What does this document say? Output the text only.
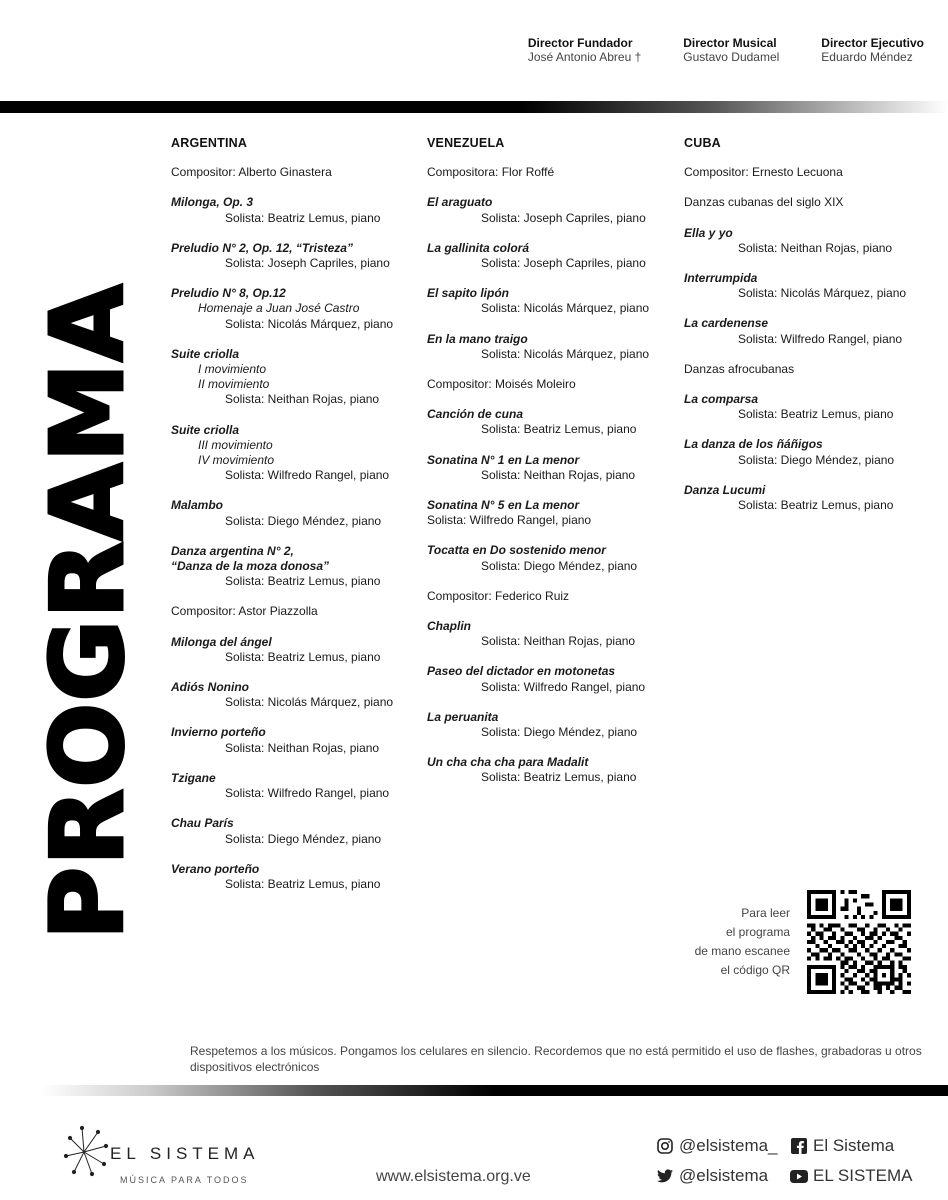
Director Fundador
José Antonio Abreu †
Director Musical
Gustavo Dudamel
Director Ejecutivo
Eduardo Méndez
PROGRAMA
ARGENTINA
Compositor: Alberto Ginastera
Milonga, Op. 3
Solista: Beatriz Lemus, piano
Preludio N° 2, Op. 12, “Tristeza”
Solista: Joseph Capriles, piano
Preludio N° 8, Op.12
Homenaje a Juan José Castro
Solista: Nicolás Márquez, piano
Suite criolla
I movimiento
II movimiento
Solista: Neithan Rojas, piano
Suite criolla
III movimiento
IV movimiento
Solista: Wilfredo Rangel, piano
Malambo
Solista: Diego Méndez, piano
Danza argentina N° 2,
“Danza de la moza donosa”
Solista: Beatriz Lemus, piano
Compositor: Astor Piazzolla
Milonga del ángel
Solista: Beatriz Lemus, piano
Adiós Nonino
Solista: Nicolás Márquez, piano
Invierno porteño
Solista: Neithan Rojas, piano
Tzigane
Solista: Wilfredo Rangel, piano
Chau París
Solista: Diego Méndez, piano
Verano porteño
Solista: Beatriz Lemus, piano
VENEZUELA
Compositora: Flor Roffé
El araguato
Solista: Joseph Capriles, piano
La gallinita colorá
Solista: Joseph Capriles, piano
El sapito lipón
Solista: Nicolás Márquez, piano
En la mano traigo
Solista: Nicolás Márquez, piano
Compositor: Moisés Moleiro
Canción de cuna
Solista: Beatriz Lemus, piano
Sonatina N° 1 en La menor
Solista: Neithan Rojas, piano
Sonatina N° 5 en La menor
Solista: Wilfredo Rangel, piano
Tocatta en Do sostenido menor
Solista: Diego Méndez, piano
Compositor: Federico Ruiz
Chaplin
Solista: Neithan Rojas, piano
Paseo del dictador en motonetas
Solista: Wilfredo Rangel, piano
La peruanita
Solista: Diego Méndez, piano
Un cha cha cha para Madalit
Solista: Beatriz Lemus, piano
CUBA
Compositor: Ernesto Lecuona
Danzas cubanas del siglo XIX
Ella y yo
Solista: Neithan Rojas, piano
Interrumpida
Solista: Nicolás Márquez, piano
La cardenense
Solista: Wilfredo Rangel, piano
Danzas afrocubanas
La comparsa
Solista: Beatriz Lemus, piano
La danza de los ñáñigos
Solista: Diego Méndez, piano
Danza Lucumi
Solista: Beatriz Lemus, piano
Para leer
el programa
de mano escanee
el código QR
Respetemos a los músicos. Pongamos los celulares en silencio. Recordemos que no está permitido el uso de flashes, grabadoras u otros dispositivos electrónicos
EL SISTEMA
MÚSICA PARA TODOS	www.elsistema.org.ve
@elsistema_ El Sistema
@elsistema	EL SISTEMA
